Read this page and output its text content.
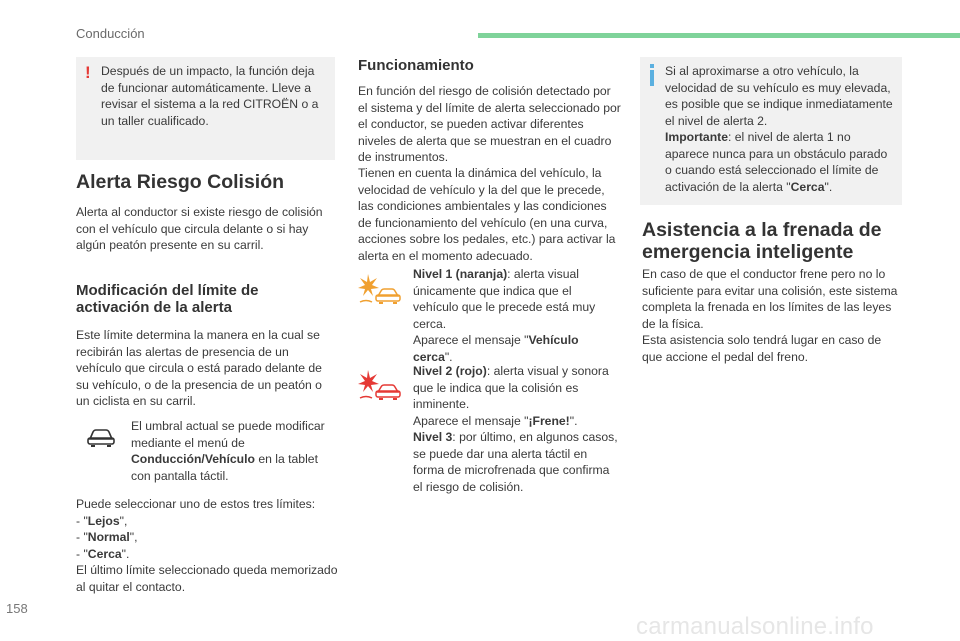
Conducción
! Después de un impacto, la función deja de funcionar automáticamente. Lleve a revisar el sistema a la red CITROËN o a un taller cualificado.
Alerta Riesgo Colisión

Alerta al conductor si existe riesgo de colisión con el vehículo que circula delante o si hay algún peatón presente en su carril.

Modificación del límite de activación de la alerta

Este límite determina la manera en la cual se recibirán las alertas de presencia de un vehículo que circula o está parado delante de su vehículo, o de la presencia de un peatón o un ciclista en su carril.

El umbral actual se puede modificar mediante el menú de Conducción/Vehículo en la tablet con pantalla táctil.

Puede seleccionar uno de estos tres límites:
- "Lejos",
- "Normal",
- "Cerca".
El último límite seleccionado queda memorizado al quitar el contacto.
Funcionamiento

En función del riesgo de colisión detectado por el sistema y del límite de alerta seleccionado por el conductor, se pueden activar diferentes niveles de alerta que se muestran en el cuadro de instrumentos.

Tienen en cuenta la dinámica del vehículo, la velocidad de vehículo y la del que le precede, las condiciones ambientales y las condiciones de funcionamiento del vehículo (en una curva, acciones sobre los pedales, etc.) para activar la alerta en el momento adecuado.

Nivel 1 (naranja): alerta visual únicamente que indica que el vehículo que le precede está muy cerca.
Aparece el mensaje "Vehículo cerca".

Nivel 2 (rojo): alerta visual y sonora que le indica que la colisión es inminente.
Aparece el mensaje "¡Frene!".
Nivel 3: por último, en algunos casos, se puede dar una alerta táctil en forma de microfrenada que confirma el riesgo de colisión.

Si al aproximarse a otro vehículo, la velocidad de su vehículo es muy elevada, es posible que se indique inmediatamente el nivel de alerta 2.
Importante: el nivel de alerta 1 no aparece nunca para un obstáculo parado o cuando está seleccionado el límite de activación de la alerta "Cerca".

Asistencia a la frenada de emergencia inteligente

En caso de que el conductor frene pero no lo suficiente para evitar una colisión, este sistema completa la frenada en los límites de las leyes de la física.

Esta asistencia solo tendrá lugar en caso de que accione el pedal del freno.

158
carmanualsonline.info
